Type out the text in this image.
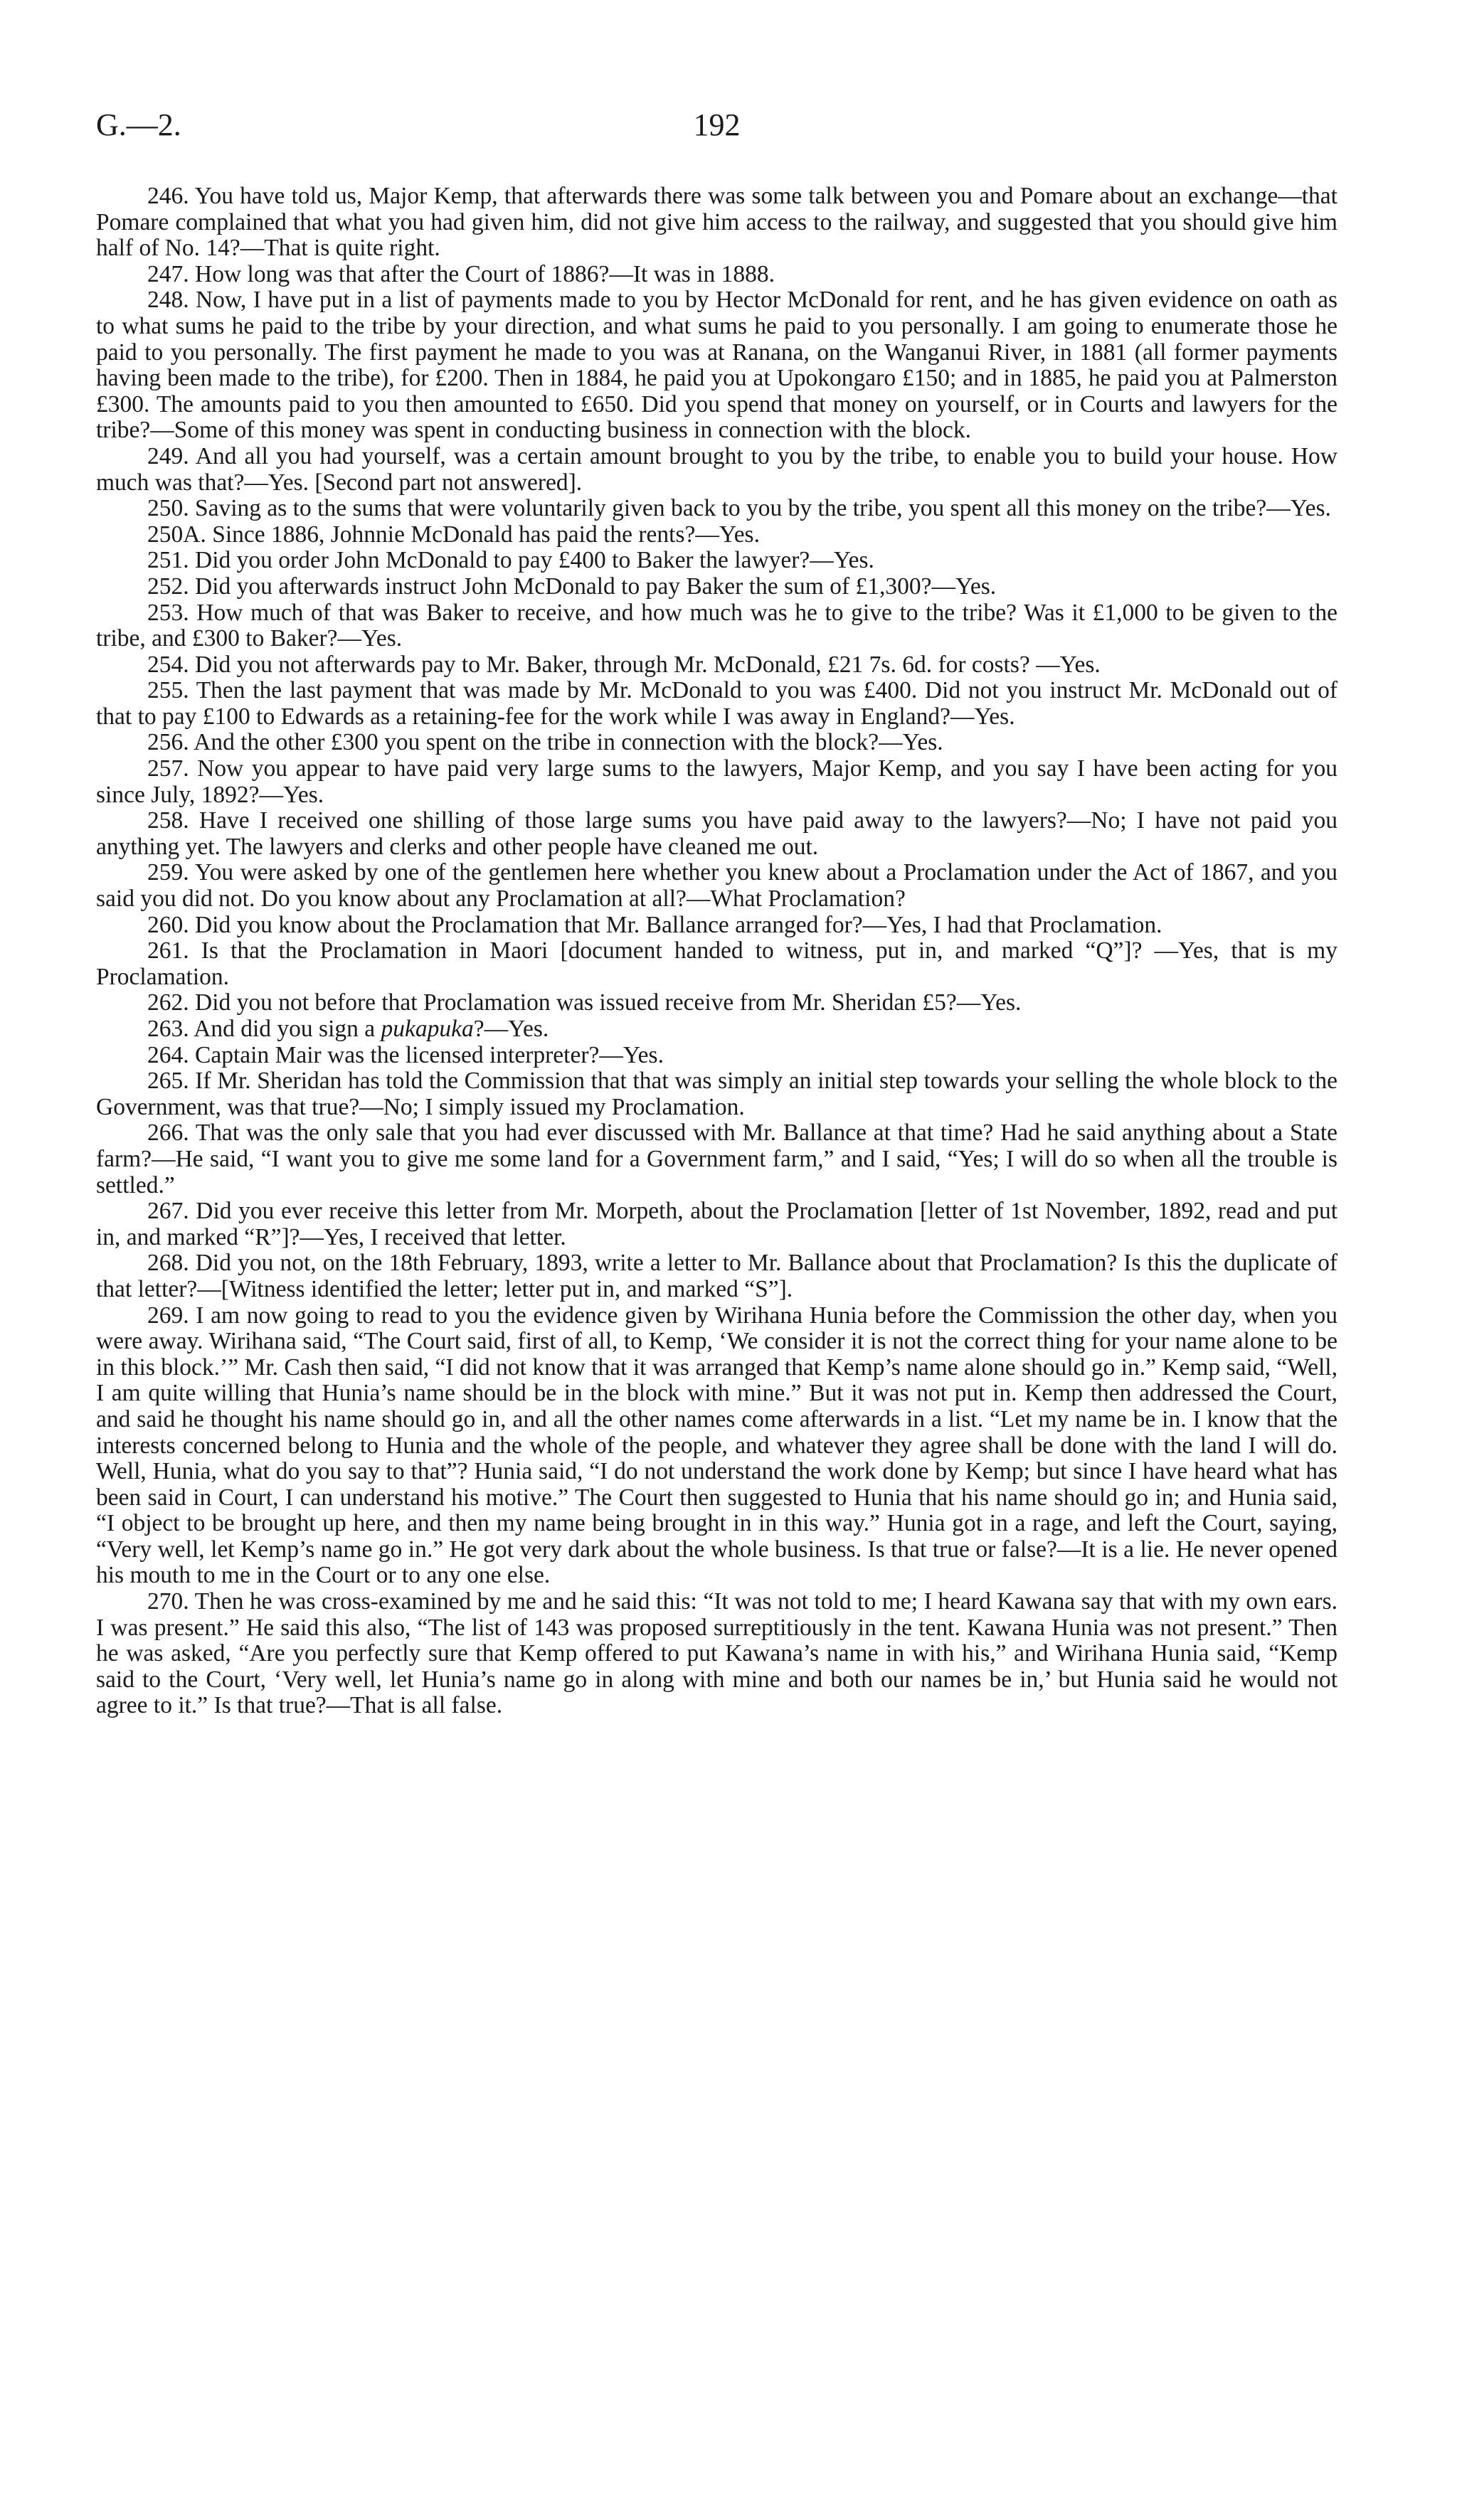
G.—2.	192

246. You have told us, Major Kemp, that afterwards there was some talk between you and Pomare about an exchange—that Pomare complained that what you had given him, did not give him access to the railway, and suggested that you should give him half of No. 14?—That is quite right.

247. How long was that after the Court of 1886?—It was in 1888.

248. Now, I have put in a list of payments made to you by Hector McDonald for rent, and he has given evidence on oath as to what sums he paid to the tribe by your direction, and what sums he paid to you personally. I am going to enumerate those he paid to you personally. The first payment he made to you was at Ranana, on the Wanganui River, in 1881 (all former payments having been made to the tribe), for £200. Then in 1884, he paid you at Upokongaro £150; and in 1885, he paid you at Palmerston £300. The amounts paid to you then amounted to £650. Did you spend that money on yourself, or in Courts and lawyers for the tribe?—Some of this money was spent in conducting business in connection with the block.

249. And all you had yourself, was a certain amount brought to you by the tribe, to enable you to build your house. How much was that?—Yes. [Second part not answered].

250. Saving as to the sums that were voluntarily given back to you by the tribe, you spent all this money on the tribe?—Yes.

250A. Since 1886, Johnnie McDonald has paid the rents?—Yes.

251. Did you order John McDonald to pay £400 to Baker the lawyer?—Yes.

252. Did you afterwards instruct John McDonald to pay Baker the sum of £1,300?—Yes.

253. How much of that was Baker to receive, and how much was he to give to the tribe? Was it £1,000 to be given to the tribe, and £300 to Baker?—Yes.

254. Did you not afterwards pay to Mr. Baker, through Mr. McDonald, £21 7s. 6d. for costs? —Yes.

255. Then the last payment that was made by Mr. McDonald to you was £400. Did not you instruct Mr. McDonald out of that to pay £100 to Edwards as a retaining-fee for the work while I was away in England?—Yes.

256. And the other £300 you spent on the tribe in connection with the block?—Yes.

257. Now you appear to have paid very large sums to the lawyers, Major Kemp, and you say I have been acting for you since July, 1892?—Yes.

258. Have I received one shilling of those large sums you have paid away to the lawyers?—No; I have not paid you anything yet. The lawyers and clerks and other people have cleaned me out.

259. You were asked by one of the gentlemen here whether you knew about a Proclamation under the Act of 1867, and you said you did not. Do you know about any Proclamation at all?—What Proclamation?

260. Did you know about the Proclamation that Mr. Ballance arranged for?—Yes, I had that Proclamation.

261. Is that the Proclamation in Maori [document handed to witness, put in, and marked “Q”]? —Yes, that is my Proclamation.

262. Did you not before that Proclamation was issued receive from Mr. Sheridan £5?—Yes.

263. And did you sign a pukapuka?—Yes.

264. Captain Mair was the licensed interpreter?—Yes.

265. If Mr. Sheridan has told the Commission that that was simply an initial step towards your selling the whole block to the Government, was that true?—No; I simply issued my Proclamation.

266. That was the only sale that you had ever discussed with Mr. Ballance at that time? Had he said anything about a State farm?—He said, “I want you to give me some land for a Government farm,” and I said, “Yes; I will do so when all the trouble is settled.”

267. Did you ever receive this letter from Mr. Morpeth, about the Proclamation [letter of 1st November, 1892, read and put in, and marked “R”]?—Yes, I received that letter.

268. Did you not, on the 18th February, 1893, write a letter to Mr. Ballance about that Proclamation? Is this the duplicate of that letter?—[Witness identified the letter; letter put in, and marked “S”].

269. I am now going to read to you the evidence given by Wirihana Hunia before the Commission the other day, when you were away. Wirihana said, “The Court said, first of all, to Kemp, ‘We consider it is not the correct thing for your name alone to be in this block.’” Mr. Cash then said, “I did not know that it was arranged that Kemp’s name alone should go in.” Kemp said, “Well, I am quite willing that Hunia’s name should be in the block with mine.” But it was not put in. Kemp then addressed the Court, and said he thought his name should go in, and all the other names come afterwards in a list. “Let my name be in. I know that the interests concerned belong to Hunia and the whole of the people, and whatever they agree shall be done with the land I will do. Well, Hunia, what do you say to that”? Hunia said, “I do not understand the work done by Kemp; but since I have heard what has been said in Court, I can understand his motive.” The Court then suggested to Hunia that his name should go in; and Hunia said, “I object to be brought up here, and then my name being brought in in this way.” Hunia got in a rage, and left the Court, saying, “Very well, let Kemp’s name go in.” He got very dark about the whole business. Is that true or false?—It is a lie. He never opened his mouth to me in the Court or to any one else.

270. Then he was cross-examined by me and he said this: “It was not told to me; I heard Kawana say that with my own ears. I was present.” He said this also, “The list of 143 was proposed surreptitiously in the tent. Kawana Hunia was not present.” Then he was asked, “Are you perfectly sure that Kemp offered to put Kawana’s name in with his,” and Wirihana Hunia said, “Kemp said to the Court, ‘Very well, let Hunia’s name go in along with mine and both our names be in,’ but Hunia said he would not agree to it.” Is that true?—That is all false.
